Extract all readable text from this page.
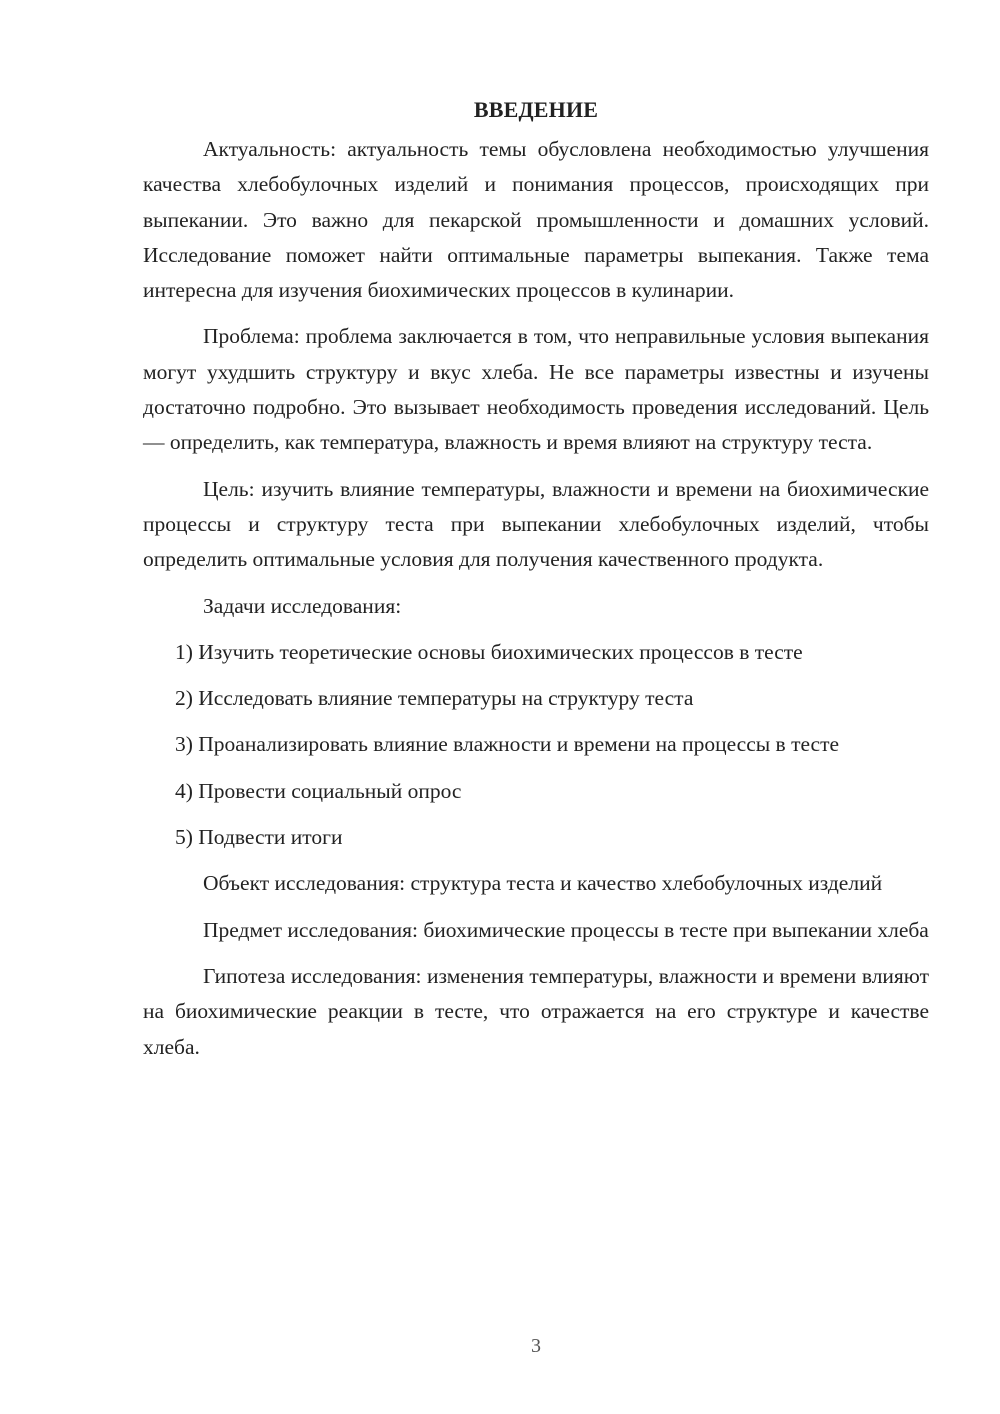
ВВЕДЕНИЕ

Актуальность: актуальность темы обусловлена необходимостью улучшения качества хлебобулочных изделий и понимания процессов, происходящих при выпекании. Это важно для пекарской промышленности и домашних условий. Исследование поможет найти оптимальные параметры выпекания. Также тема интересна для изучения биохимических процессов в кулинарии.

Проблема: проблема заключается в том, что неправильные условия выпекания могут ухудшить структуру и вкус хлеба. Не все параметры известны и изучены достаточно подробно. Это вызывает необходимость проведения исследований. Цель — определить, как температура, влажность и время влияют на структуру теста.

Цель: изучить влияние температуры, влажности и времени на биохимические процессы и структуру теста при выпекании хлебобулочных изделий, чтобы определить оптимальные условия для получения качественного продукта.

Задачи исследования:

1) Изучить теоретические основы биохимических процессов в тесте

2) Исследовать влияние температуры на структуру теста

3) Проанализировать влияние влажности и времени на процессы в тесте

4) Провести социальный опрос

5) Подвести итоги

Объект исследования: структура теста и качество хлебобулочных изделий

Предмет исследования: биохимические процессы в тесте при выпекании хлеба

Гипотеза исследования: изменения температуры, влажности и времени влияют на биохимические реакции в тесте, что отражается на его структуре и качестве хлеба.

3
